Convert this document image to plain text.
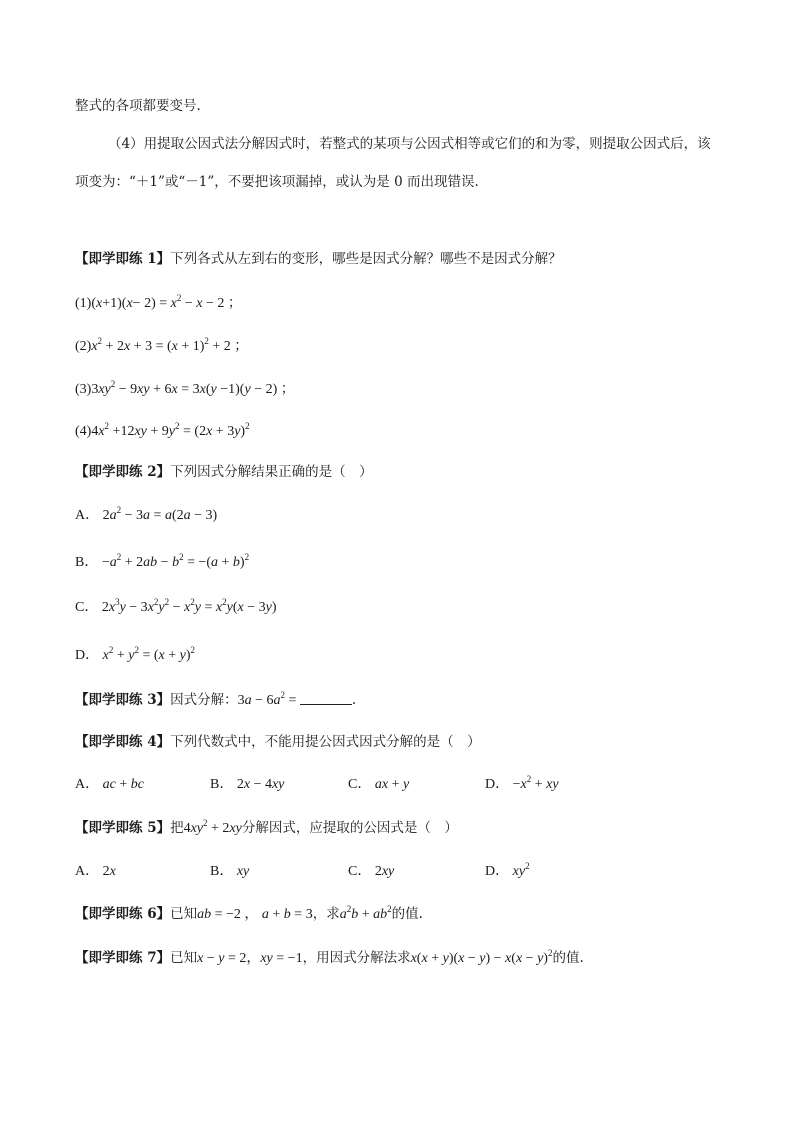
整式的各项都要变号.

（4）用提取公因式法分解因式时，若整式的某项与公因式相等或它们的和为零，则提取公因式后，该

项变为：“＋1”或“－1”，不要把该项漏掉，或认为是 0 而出现错误.

【即学即练 1】下列各式从左到右的变形，哪些是因式分解？哪些不是因式分解？

$(1)(x+1)(x- 2) = x^2 - x - 2$ ；

$(2)x^2 + 2x + 3 = (x + 1)^2 + 2$ ；

$(3)3xy^2 - 9xy + 6x = 3x(y -1)(y - 2)$ ；

$(4)4x^2 +12xy + 9y^2 = (2x + 3y)^2$

【即学即练 2】下列因式分解结果正确的是（　）

A． $2a^2 - 3a = a(2a - 3)$

B． $-a^2 + 2ab - b^2 = -(a + b)^2$

C． $2x^3y - 3x^2y^2 - x^2y = x^2y(x - 3y)$

D． $x^2 + y^2 = (x + y)^2$

【即学即练 3】因式分解：$3a - 6a^2$ =	.

【即学即练 4】下列代数式中，不能用提公因式因式分解的是（　）

A． ac + bc	B． 2x − 4xy	C． ax + y	D． $-x^2$ + xy

【即学即练 5】把$4xy^2 + 2xy$分解因式，应提取的公因式是（　）

A． 2x	B． xy	C． 2xy	D． $xy^2$

【即学即练 6】已知ab = −2 ， a + b = 3，求$a^2b + ab^2$的值.

【即学即练 7】已知x − y = 2，xy = −1，用因式分解法求$x(x + y)(x - y) - x(x - y)^2$的值.
